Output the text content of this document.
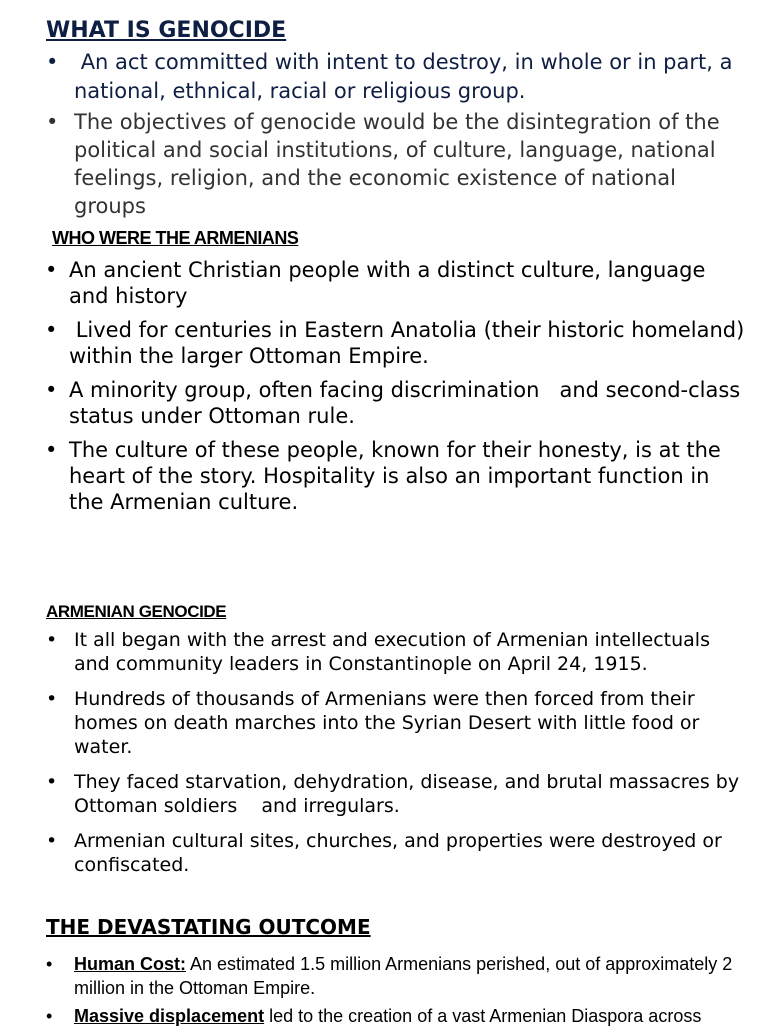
WHAT IS GENOCIDE
• An act committed with intent to destroy, in whole or in part, a national, ethnical, racial or religious group.
• The objectives of genocide would be the disintegration of the political and social institutions, of culture, language, national feelings, religion, and the economic existence of national groups
WHO WERE THE ARMENIANS
• An ancient Christian people with a distinct culture, language and history
• Lived for centuries in Eastern Anatolia (their historic homeland) within the larger Ottoman Empire.
• A minority group, often facing discrimination   and second-class status under Ottoman rule.
• The culture of these people, known for their honesty, is at the heart of the story. Hospitality is also an important function in the Armenian culture.
ARMENIAN GENOCIDE
• It all began with the arrest and execution of Armenian intellectuals and community leaders in Constantinople on April 24, 1915.
• Hundreds of thousands of Armenians were then forced from their homes on death marches into the Syrian Desert with little food or water.
• They faced starvation, dehydration, disease, and brutal massacres by Ottoman soldiers    and irregulars.
• Armenian cultural sites, churches, and properties were destroyed or confiscated.
THE DEVASTATING OUTCOME
• Human Cost: An estimated 1.5 million Armenians perished, out of approximately 2 million in the Ottoman Empire.
• Massive displacement led to the creation of a vast Armenian Diaspora across
